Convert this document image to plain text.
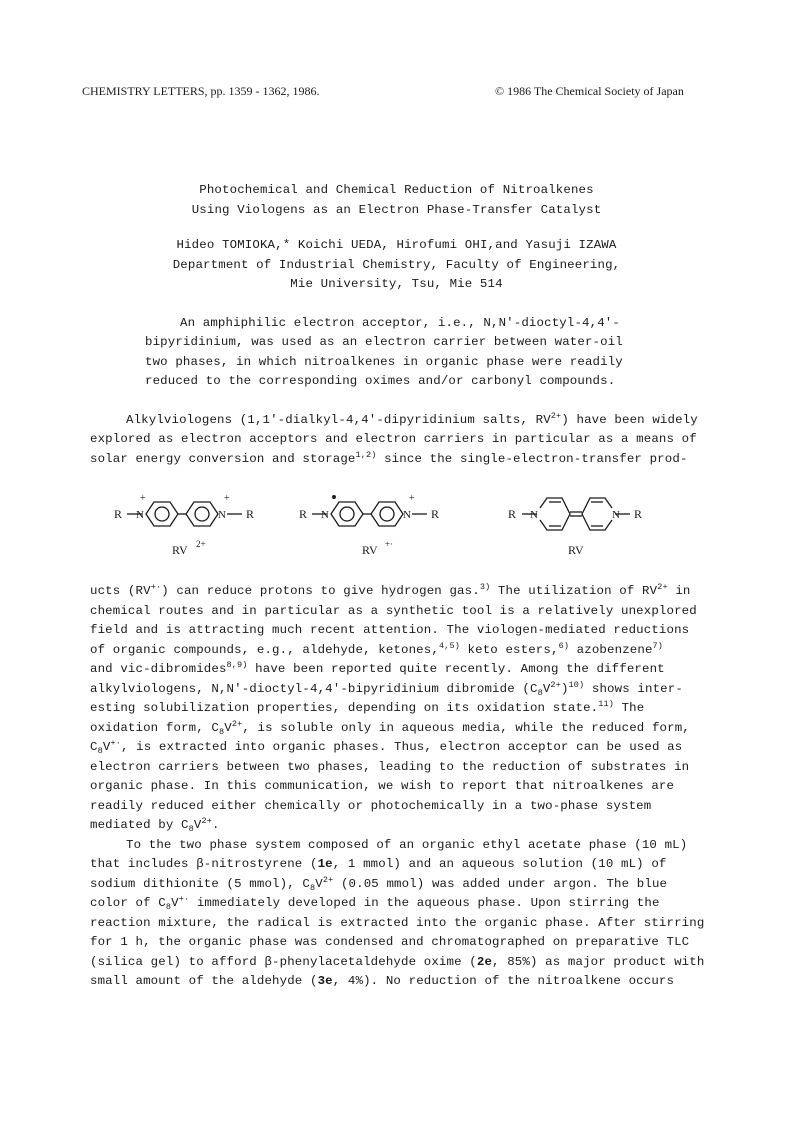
CHEMISTRY LETTERS, pp. 1359 - 1362, 1986.	© 1986 The Chemical Society of Japan
Photochemical and Chemical Reduction of Nitroalkenes
Using Viologens as an Electron Phase-Transfer Catalyst
Hideo TOMIOKA,* Koichi UEDA, Hirofumi OHI,and Yasuji IZAWA
Department of Industrial Chemistry, Faculty of Engineering,
Mie University, Tsu, Mie 514
An amphiphilic electron acceptor, i.e., N,N'-dioctyl-4,4'-
bipyridinium, was used as an electron carrier between water-oil
two phases, in which nitroalkenes in organic phase were readily
reduced to the corresponding oximes and/or carbonyl compounds.
Alkylviologens (1,1'-dialkyl-4,4'-dipyridinium salts, $RV^{2+}$) have been widely
explored as electron acceptors and electron carriers in particular as a means of
solar energy conversion and storage$^{1,2)}$ since the single-electron-transfer prod-
R N
+
N
+
R
RV 2+
R N	N
+
R
RV +·
R N	N R
RV
ucts (RV+·) can reduce protons to give hydrogen gas.$^{3)}$ The utilization of $RV^{2+}$ in
chemical routes and in particular as a synthetic tool is a relatively unexplored
field and is attracting much recent attention. The viologen-mediated reductions
of organic compounds, e.g., aldehyde, ketones,$^{4,5)}$ keto esters,$^{6)}$ azobenzene$^{7)}$
and vic-dibromides$^{8,9)}$ have been reported quite recently. Among the different
alkylviologens, N,N'-dioctyl-4,4'-bipyridinium dibromide $(C_8V^{2+})^{10)}$ shows inter-
esting solubilization properties, depending on its oxidation state.$^{11)}$ The
oxidation form, $C_8V^{2+}$, is soluble only in aqueous media, while the reduced form,
$C_8V^{+\cdot}$, is extracted into organic phases. Thus, electron acceptor can be used as
electron carriers between two phases, leading to the reduction of substrates in
organic phase. In this communication, we wish to report that nitroalkenes are
readily reduced either chemically or photochemically in a two-phase system
mediated by $C_8V^{2+}$.
To the two phase system composed of an organic ethyl acetate phase (10 mL)
that includes β-nitrostyrene (1e, 1 mmol) and an aqueous solution (10 mL) of
sodium dithionite (5 mmol), $C_8V^{2+}$ (0.05 mmol) was added under argon. The blue
color of $C_8V^{+\cdot}$ immediately developed in the aqueous phase. Upon stirring the
reaction mixture, the radical is extracted into the organic phase. After stirring
for 1 h, the organic phase was condensed and chromatographed on preparative TLC
(silica gel) to afford β-phenylacetaldehyde oxime (2e, 85%) as major product with
small amount of the aldehyde (3e, 4%). No reduction of the nitroalkene occurs
